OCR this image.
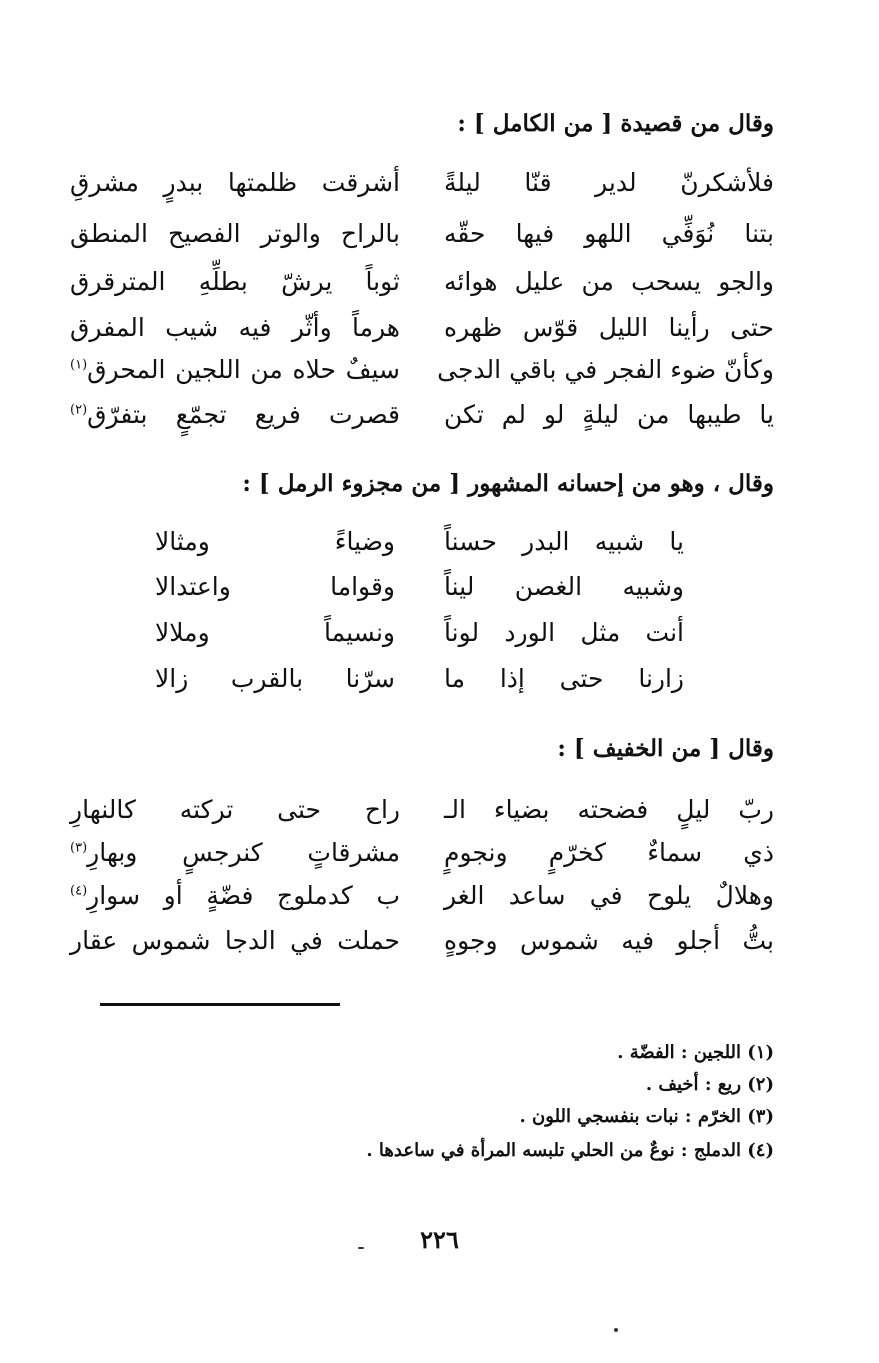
وقال من قصيدة [ من الكامل ] :
فلأشكرنّ لدير قنّا ليلةً
أشرقت ظلمتها ببدرٍ مشرقِ
بتنا نُوَفِّي اللهو فيها حقّه
بالراح والوتر الفصيح المنطق
والجو يسحب من عليل هوائه
ثوباً يرشّ بطلِّهِ المترقرق
حتى رأينا الليل قوّس ظهره
هرماً وأثّر فيه شيب المفرق
وكأنّ ضوء الفجر في باقي الدجى
سيفٌ حلاه من اللجين المحرق$^{(١)}$
يا طيبها من ليلةٍ لو لم تكن
قصرت فريع تجمّعٍ بتفرّق$^{(٢)}$
وقال ، وهو من إحسانه المشهور [ من مجزوء الرمل ] :
يا شبيه البدر حسناً
وضياءً ومثالا
وشبيه الغصن ليناً
وقواما واعتدالا
أنت مثل الورد لوناً
ونسيماً وملالا
زارنا حتى إذا ما
سرّنا بالقرب زالا
وقال [ من الخفيف ] :
ربّ ليلٍ فضحته بضياء الـ
راح حتى تركته كالنهارِ
ذي سماءٌ كخرّمٍ ونجومٍ
مشرقاتٍ كنرجسٍ وبهارِ$^{(٣)}$
وهلالٌ يلوح في ساعد الغر
ب كدملوج فضّةٍ أو سوارِ$^{(٤)}$
بتُّ أجلو فيه شموس وجوهٍ
حملت في الدجا شموس عقار
(١) اللجين : الفضّة .
(٢) ريع : أخيف .
(٣) الخرّم : نبات بنفسجي اللون .
(٤) الدملج : نوعٌ من الحلي تلبسه المرأة في ساعدها .
٢٢٦
